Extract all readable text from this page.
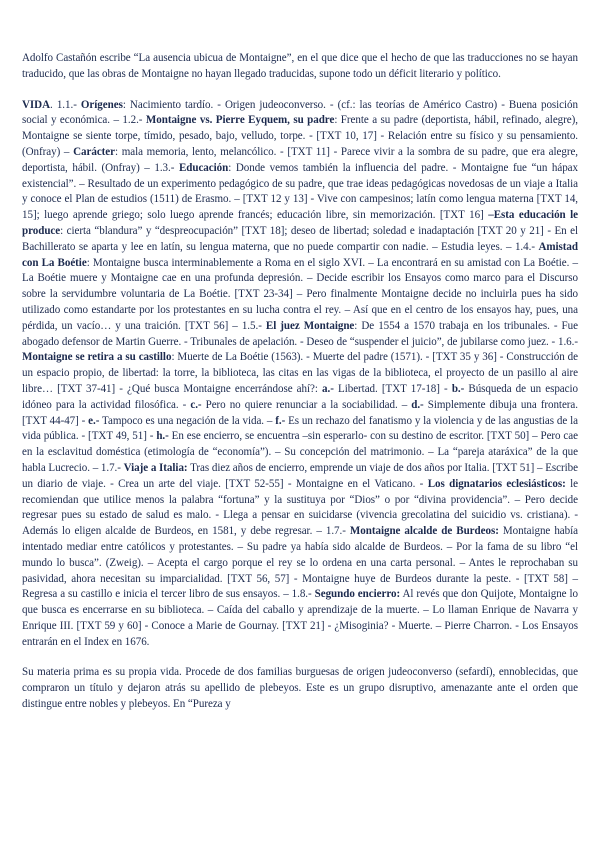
Adolfo Castañón escribe “La ausencia ubicua de Montaigne”, en el que dice que el hecho de que las traducciones no se hayan traducido, que las obras de Montaigne no hayan llegado traducidas, supone todo un déficit literario y político.

VIDA. 1.1.- Orígenes: Nacimiento tardío. - Origen judeoconverso. - (cf.: las teorías de Américo Castro) - Buena posición social y económica. – 1.2.- Montaigne vs. Pierre Eyquem, su padre: Frente a su padre (deportista, hábil, refinado, alegre), Montaigne se siente torpe, tímido, pesado, bajo, velludo, torpe. - [TXT 10, 17] - Relación entre su físico y su pensamiento. (Onfray) – Carácter: mala memoria, lento, melancólico. - [TXT 11] - Parece vivir a la sombra de su padre, que era alegre, deportista, hábil. (Onfray) – 1.3.- Educación: Donde vemos también la influencia del padre. - Montaigne fue “un hápax existencial”. – Resultado de un experimento pedagógico de su padre, que trae ideas pedagógicas novedosas de un viaje a Italia y conoce el Plan de estudios (1511) de Erasmo. – [TXT 12 y 13] - Vive con campesinos; latín como lengua materna [TXT 14, 15]; luego aprende griego; solo luego aprende francés; educación libre, sin memorización. [TXT 16] –Esta educación le produce: cierta “blandura” y “despreocupación” [TXT 18]; deseo de libertad; soledad e inadaptación [TXT 20 y 21] - En el Bachillerato se aparta y lee en latín, su lengua materna, que no puede compartir con nadie. – Estudia leyes. – 1.4.- Amistad con La Boétie: Montaigne busca interminablemente a Roma en el siglo XVI. – La encontrará en su amistad con La Boétie. – La Boétie muere y Montaigne cae en una profunda depresión. – Decide escribir los Ensayos como marco para el Discurso sobre la servidumbre voluntaria de La Boétie. [TXT 23-34] – Pero finalmente Montaigne decide no incluirla pues ha sido utilizado como estandarte por los protestantes en su lucha contra el rey. – Así que en el centro de los ensayos hay, pues, una pérdida, un vacío… y una traición. [TXT 56] – 1.5.- El juez Montaigne: De 1554 a 1570 trabaja en los tribunales. - Fue abogado defensor de Martin Guerre. - Tribunales de apelación. - Deseo de “suspender el juicio”, de jubilarse como juez. - 1.6.- Montaigne se retira a su castillo: Muerte de La Boétie (1563). - Muerte del padre (1571). - [TXT 35 y 36] - Construcción de un espacio propio, de libertad: la torre, la biblioteca, las citas en las vigas de la biblioteca, el proyecto de un pasillo al aire libre… [TXT 37-41] - ¿Qué busca Montaigne encerrándose ahí?: a.- Libertad. [TXT 17-18] - b.- Búsqueda de un espacio idóneo para la actividad filosófica. - c.- Pero no quiere renunciar a la sociabilidad. – d.- Simplemente dibuja una frontera. [TXT 44-47] - e.- Tampoco es una negación de la vida. – f.- Es un rechazo del fanatismo y la violencia y de las angustias de la vida pública. - [TXT 49, 51] - h.- En ese encierro, se encuentra –sin esperarlo- con su destino de escritor. [TXT 50] – Pero cae en la esclavitud doméstica (etimología de “economía”). – Su concepción del matrimonio. – La “pareja ataráxica” de la que habla Lucrecio. – 1.7.- Viaje a Italia: Tras diez años de encierro, emprende un viaje de dos años por Italia. [TXT 51] – Escribe un diario de viaje. - Crea un arte del viaje. [TXT 52-55] - Montaigne en el Vaticano. - Los dignatarios eclesiásticos: le recomiendan que utilice menos la palabra “fortuna” y la sustituya por “Dios” o por “divina providencia”. – Pero decide regresar pues su estado de salud es malo. - Llega a pensar en suicidarse (vivencia grecolatina del suicidio vs. cristiana). - Además lo eligen alcalde de Burdeos, en 1581, y debe regresar. – 1.7.- Montaigne alcalde de Burdeos: Montaigne había intentado mediar entre católicos y protestantes. – Su padre ya había sido alcalde de Burdeos. – Por la fama de su libro “el mundo lo busca”. (Zweig). – Acepta el cargo porque el rey se lo ordena en una carta personal. – Antes le reprochaban su pasividad, ahora necesitan su imparcialidad. [TXT 56, 57] - Montaigne huye de Burdeos durante la peste. - [TXT 58] – Regresa a su castillo e inicia el tercer libro de sus ensayos. – 1.8.- Segundo encierro: Al revés que don Quijote, Montaigne lo que busca es encerrarse en su biblioteca. – Caída del caballo y aprendizaje de la muerte. – Lo llaman Enrique de Navarra y Enrique III. [TXT 59 y 60] - Conoce a Marie de Gournay. [TXT 21] - ¿Misoginia? - Muerte. – Pierre Charron. - Los Ensayos entrarán en el Index en 1676.

Su materia prima es su propia vida. Procede de dos familias burguesas de origen judeoconverso (sefardí), ennoblecidas, que compraron un título y dejaron atrás su apellido de plebeyos. Este es un grupo disruptivo, amenazante ante el orden que distingue entre nobles y plebeyos. En “Pureza y
